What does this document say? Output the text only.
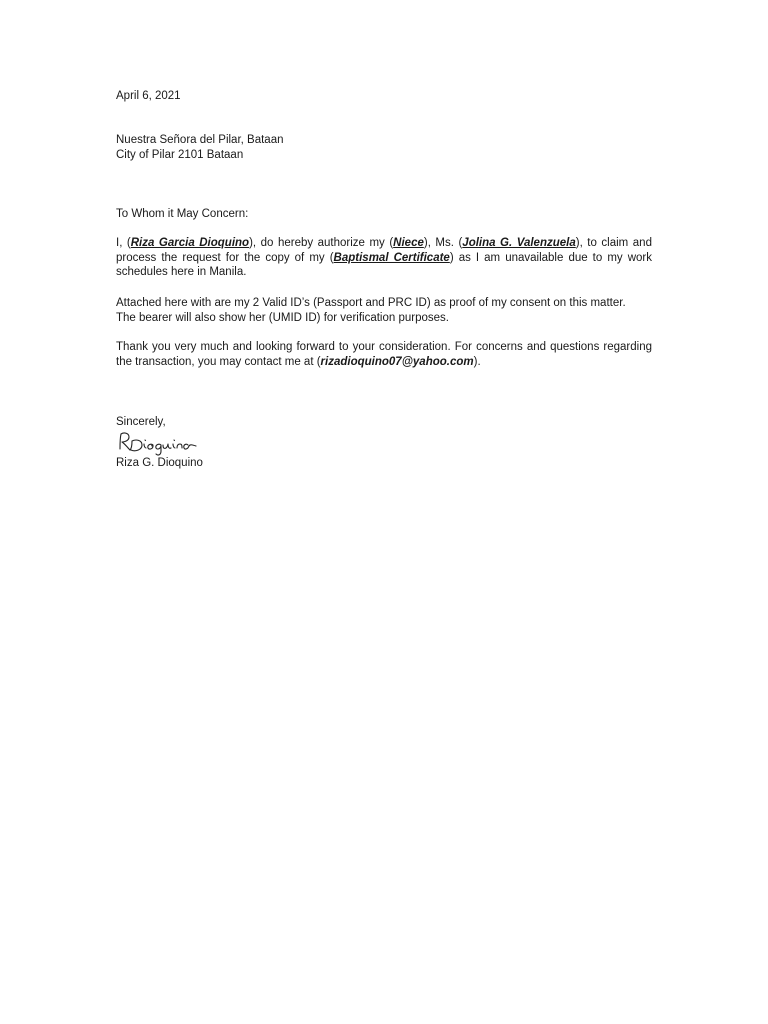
April 6, 2021

Nuestra Señora del Pilar, Bataan
City of Pilar 2101 Bataan

To Whom it May Concern:

I, (Riza Garcia Dioquino), do hereby authorize my (Niece), Ms. (Jolina G. Valenzuela), to claim and process the request for the copy of my (Baptismal Certificate) as I am unavailable due to my work schedules here in Manila.

Attached here with are my 2 Valid ID’s (Passport and PRC ID) as proof of my consent on this matter.
The bearer will also show her (UMID ID) for verification purposes.

Thank you very much and looking forward to your consideration. For concerns and questions regarding the transaction, you may contact me at (rizadioquino07@yahoo.com).

Sincerely,

Riza G. Dioquino
